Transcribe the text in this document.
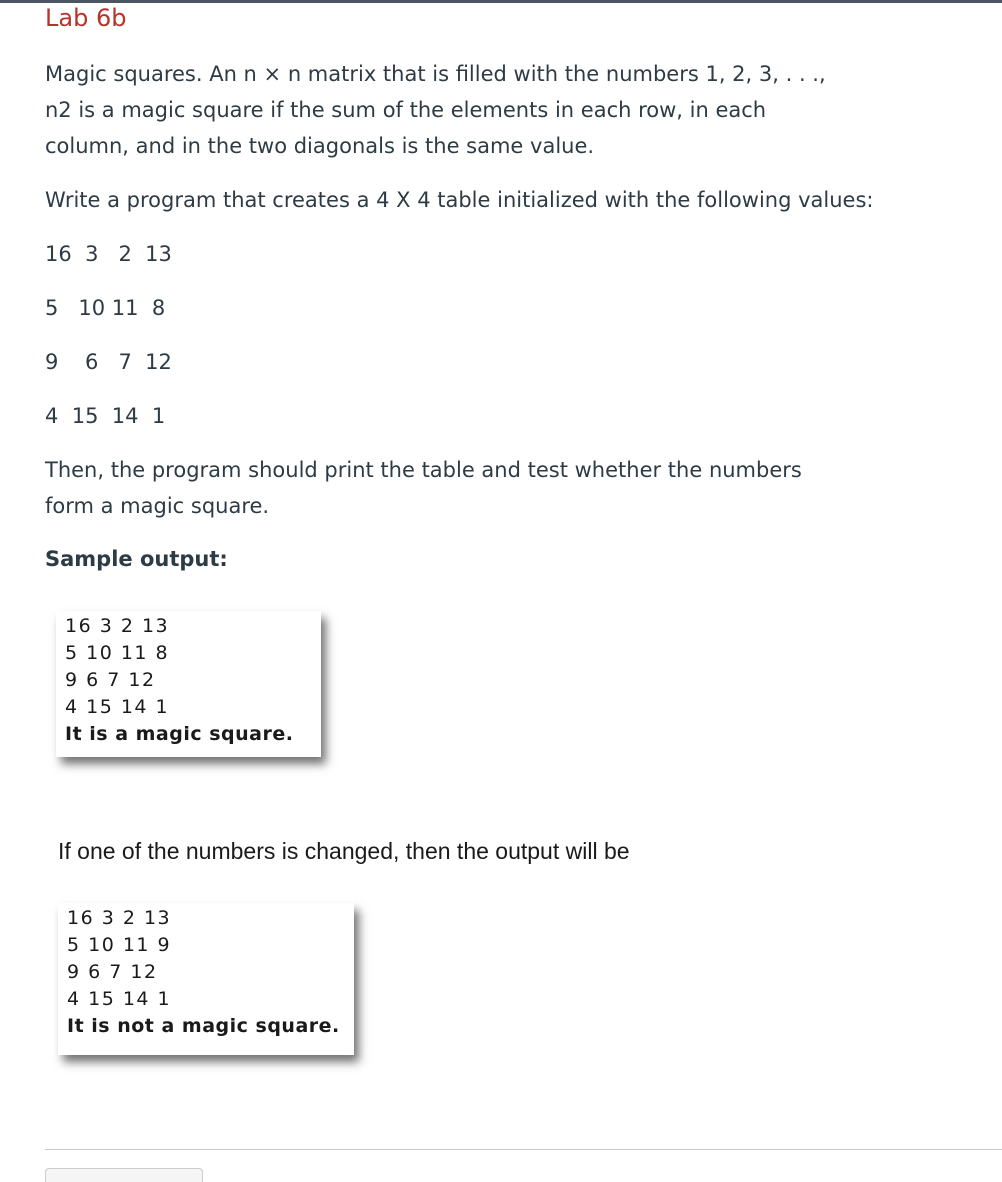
Lab 6b
Magic squares. An n × n matrix that is filled with the numbers 1, 2, 3, . . .,
n2 is a magic square if the sum of the elements in each row, in each
column, and in the two diagonals is the same value.
Write a program that creates a 4 X 4 table initialized with the following values:
16  3   2  13
5   10 11  8
9    6   7  12
4  15  14  1
Then, the program should print the table and test whether the numbers
form a magic square.
Sample output:
16 3 2 13
5 10 11 8
9 6 7 12
4 15 14 1
It is a magic square.
If one of the numbers is changed, then the output will be
16 3 2 13
5 10 11 9
9 6 7 12
4 15 14 1
It is not a magic square.
